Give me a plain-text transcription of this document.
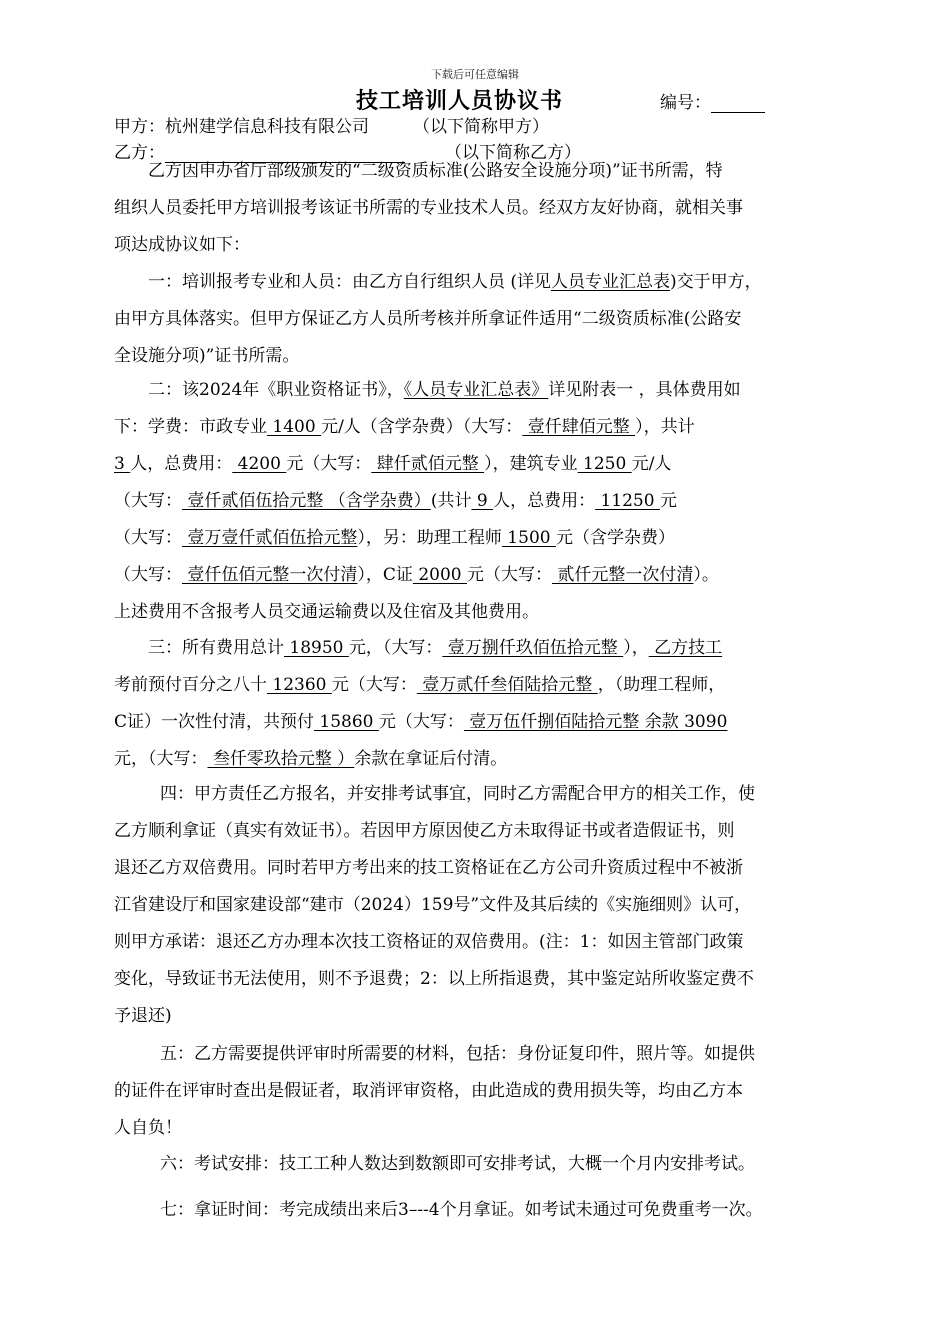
下载后可任意编辑
技工培训人员协议书	编号：
甲方：杭州建学信息科技有限公司	（以下简称甲方）
乙方：	（以下简称乙方）
乙方因申办省厅部级颁发的“二级资质标准(公路安全设施分项)”证书所需，特
组织人员委托甲方培训报考该证书所需的专业技术人员。经双方友好协商，就相关事
项达成协议如下：
一：培训报考专业和人员：由乙方自行组织人员 (详见人员专业汇总表)交于甲方，
由甲方具体落实。但甲方保证乙方人员所考核并所拿证件适用“二级资质标准(公路安
全设施分项)”证书所需。
二：该2024年《职业资格证书》，《人员专业汇总表》详见附表一 ，具体费用如
下：学费：市政专业 1400 元/人（含学杂费）（大写： 壹仟肆佰元整 ），共计
3 人，总费用： 4200 元（大写： 肆仟贰佰元整 ），建筑专业 1250 元/人
（大写： 壹仟贰佰伍拾元整 （含学杂费）(共计 9 人，总费用： 11250 元
（大写： 壹万壹仟贰佰伍拾元整），另：助理工程师 1500 元（含学杂费）
（大写： 壹仟伍佰元整一次付清），C证 2000 元（大写： 贰仟元整一次付清）。
上述费用不含报考人员交通运输费以及住宿及其他费用。
三：所有费用总计 18950 元，（大写： 壹万捌仟玖佰伍拾元整 ）， 乙方技工
考前预付百分之八十 12360 元（大写： 壹万贰仟叁佰陆拾元整 ，（助理工程师，
C证）一次性付清，共预付 15860 元（大写： 壹万伍仟捌佰陆拾元整 余款 3090
元，（大写： 叁仟零玖拾元整 ）余款在拿证后付清。
四：甲方责任乙方报名，并安排考试事宜，同时乙方需配合甲方的相关工作，使
乙方顺利拿证（真实有效证书）。若因甲方原因使乙方未取得证书或者造假证书，则
退还乙方双倍费用。同时若甲方考出来的技工资格证在乙方公司升资质过程中不被浙
江省建设厅和国家建设部“建市（2024）159号”文件及其后续的《实施细则》认可，
则甲方承诺：退还乙方办理本次技工资格证的双倍费用。(注：1：如因主管部门政策
变化，导致证书无法使用，则不予退费；2：以上所指退费，其中鉴定站所收鉴定费不
予退还)
五：乙方需要提供评审时所需要的材料，包括：身份证复印件，照片等。如提供
的证件在评审时查出是假证者，取消评审资格，由此造成的费用损失等，均由乙方本
人自负！
六：考试安排：技工工种人数达到数额即可安排考试，大概一个月内安排考试。
七：拿证时间：考完成绩出来后3–--4个月拿证。如考试未通过可免费重考一次。
